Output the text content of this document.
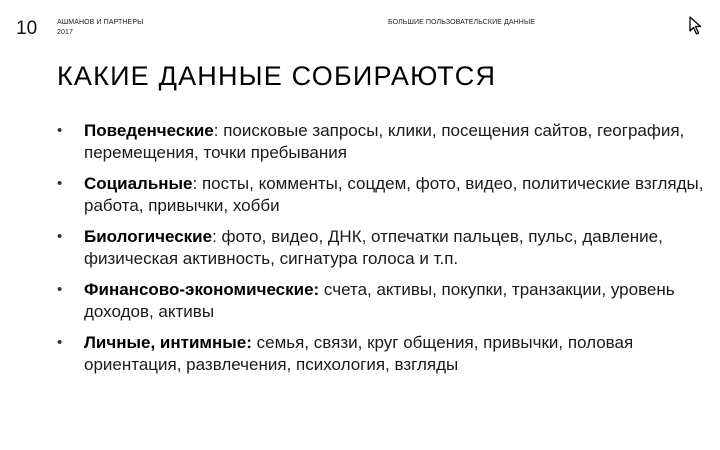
10	АШМАНОВ И ПАРТНЕРЫ
2017
БОЛЬШИЕ ПОЛЬЗОВАТЕЛЬСКИЕ ДАННЫЕ
КАКИЕ ДАННЫЕ СОБИРАЮТСЯ
• Поведенческие: поисковые запросы, клики, посещения сайтов, география, перемещения, точки пребывания
• Социальные: посты, комменты, соцдем, фото, видео, политические взгляды, работа, привычки, хобби
• Биологические: фото, видео, ДНК, отпечатки пальцев, пульс, давление, физическая активность, сигнатура голоса и т.п.
• Финансово-экономические: счета, активы, покупки, транзакции, уровень доходов, активы
• Личные, интимные: семья, связи, круг общения, привычки, половая ориентация, развлечения, психология, взгляды
